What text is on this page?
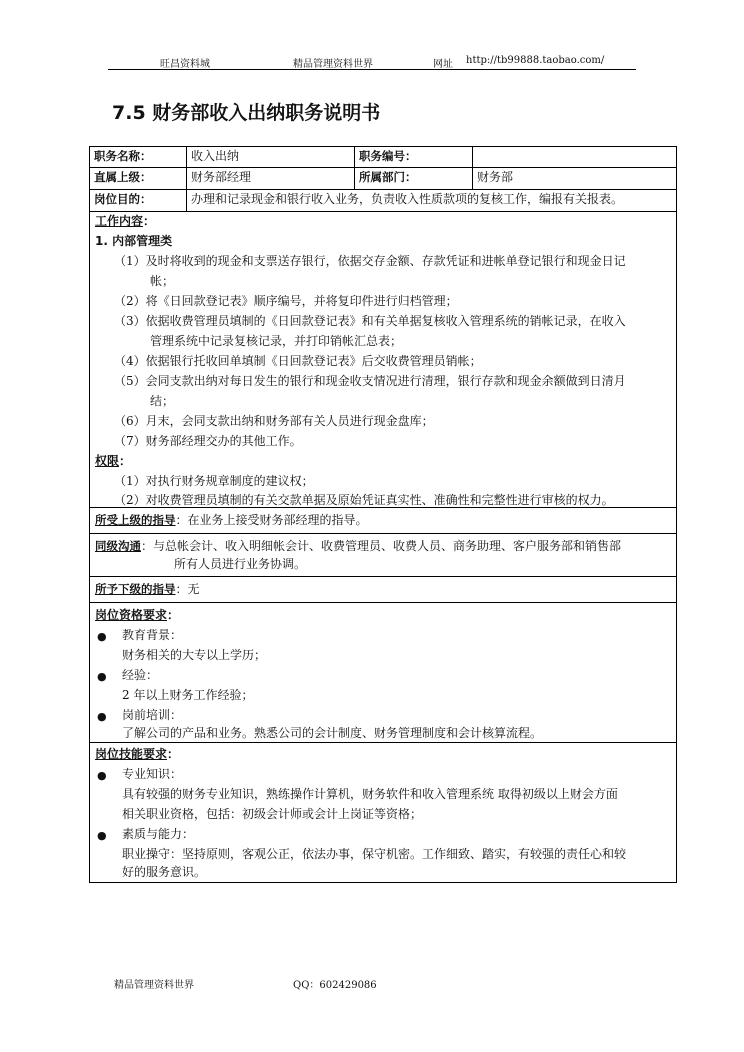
旺昌资料城	精品管理资料世界	网址 http://tb99888.taobao.com/
7.5 财务部收入出纳职务说明书
职务名称：	收入出纳	职务编号：
直属上级：	财务部经理	所属部门：	财务部
岗位目的：	办理和记录现金和银行收入业务，负责收入性质款项的复核工作，编报有关报表。
工作内容：
1. 内部管理类
（1）及时将收到的现金和支票送存银行，依据交存金额、存款凭证和进帐单登记银行和现金日记
帐；
（2）将《日回款登记表》顺序编号，并将复印件进行归档管理；
（3）依据收费管理员填制的《日回款登记表》和有关单据复核收入管理系统的销帐记录，在收入
管理系统中记录复核记录，并打印销帐汇总表；
（4）依据银行托收回单填制《日回款登记表》后交收费管理员销帐；
（5）会同支款出纳对每日发生的银行和现金收支情况进行清理，银行存款和现金余额做到日清月
结；
（6）月末，会同支款出纳和财务部有关人员进行现金盘库；
（7）财务部经理交办的其他工作。
权限：
（1）对执行财务规章制度的建议权；
（2）对收费管理员填制的有关交款单据及原始凭证真实性、准确性和完整性进行审核的权力。
所受上级的指导：在业务上接受财务部经理的指导。
同级沟通：与总帐会计、收入明细帐会计、收费管理员、收费人员、商务助理、客户服务部和销售部
所有人员进行业务协调。
所予下级的指导：无
岗位资格要求：
● 教育背景：
财务相关的大专以上学历；
● 经验：
2 年以上财务工作经验；
● 岗前培训：
了解公司的产品和业务。熟悉公司的会计制度、财务管理制度和会计核算流程。
岗位技能要求：
● 专业知识：
具有较强的财务专业知识，熟练操作计算机，财务软件和收入管理系统 取得初级以上财会方面
相关职业资格，包括：初级会计师或会计上岗证等资格；
● 素质与能力：
职业操守：坚持原则，客观公正，依法办事，保守机密。工作细致、踏实，有较强的责任心和较
好的服务意识。
精品管理资料世界	QQ：602429086
